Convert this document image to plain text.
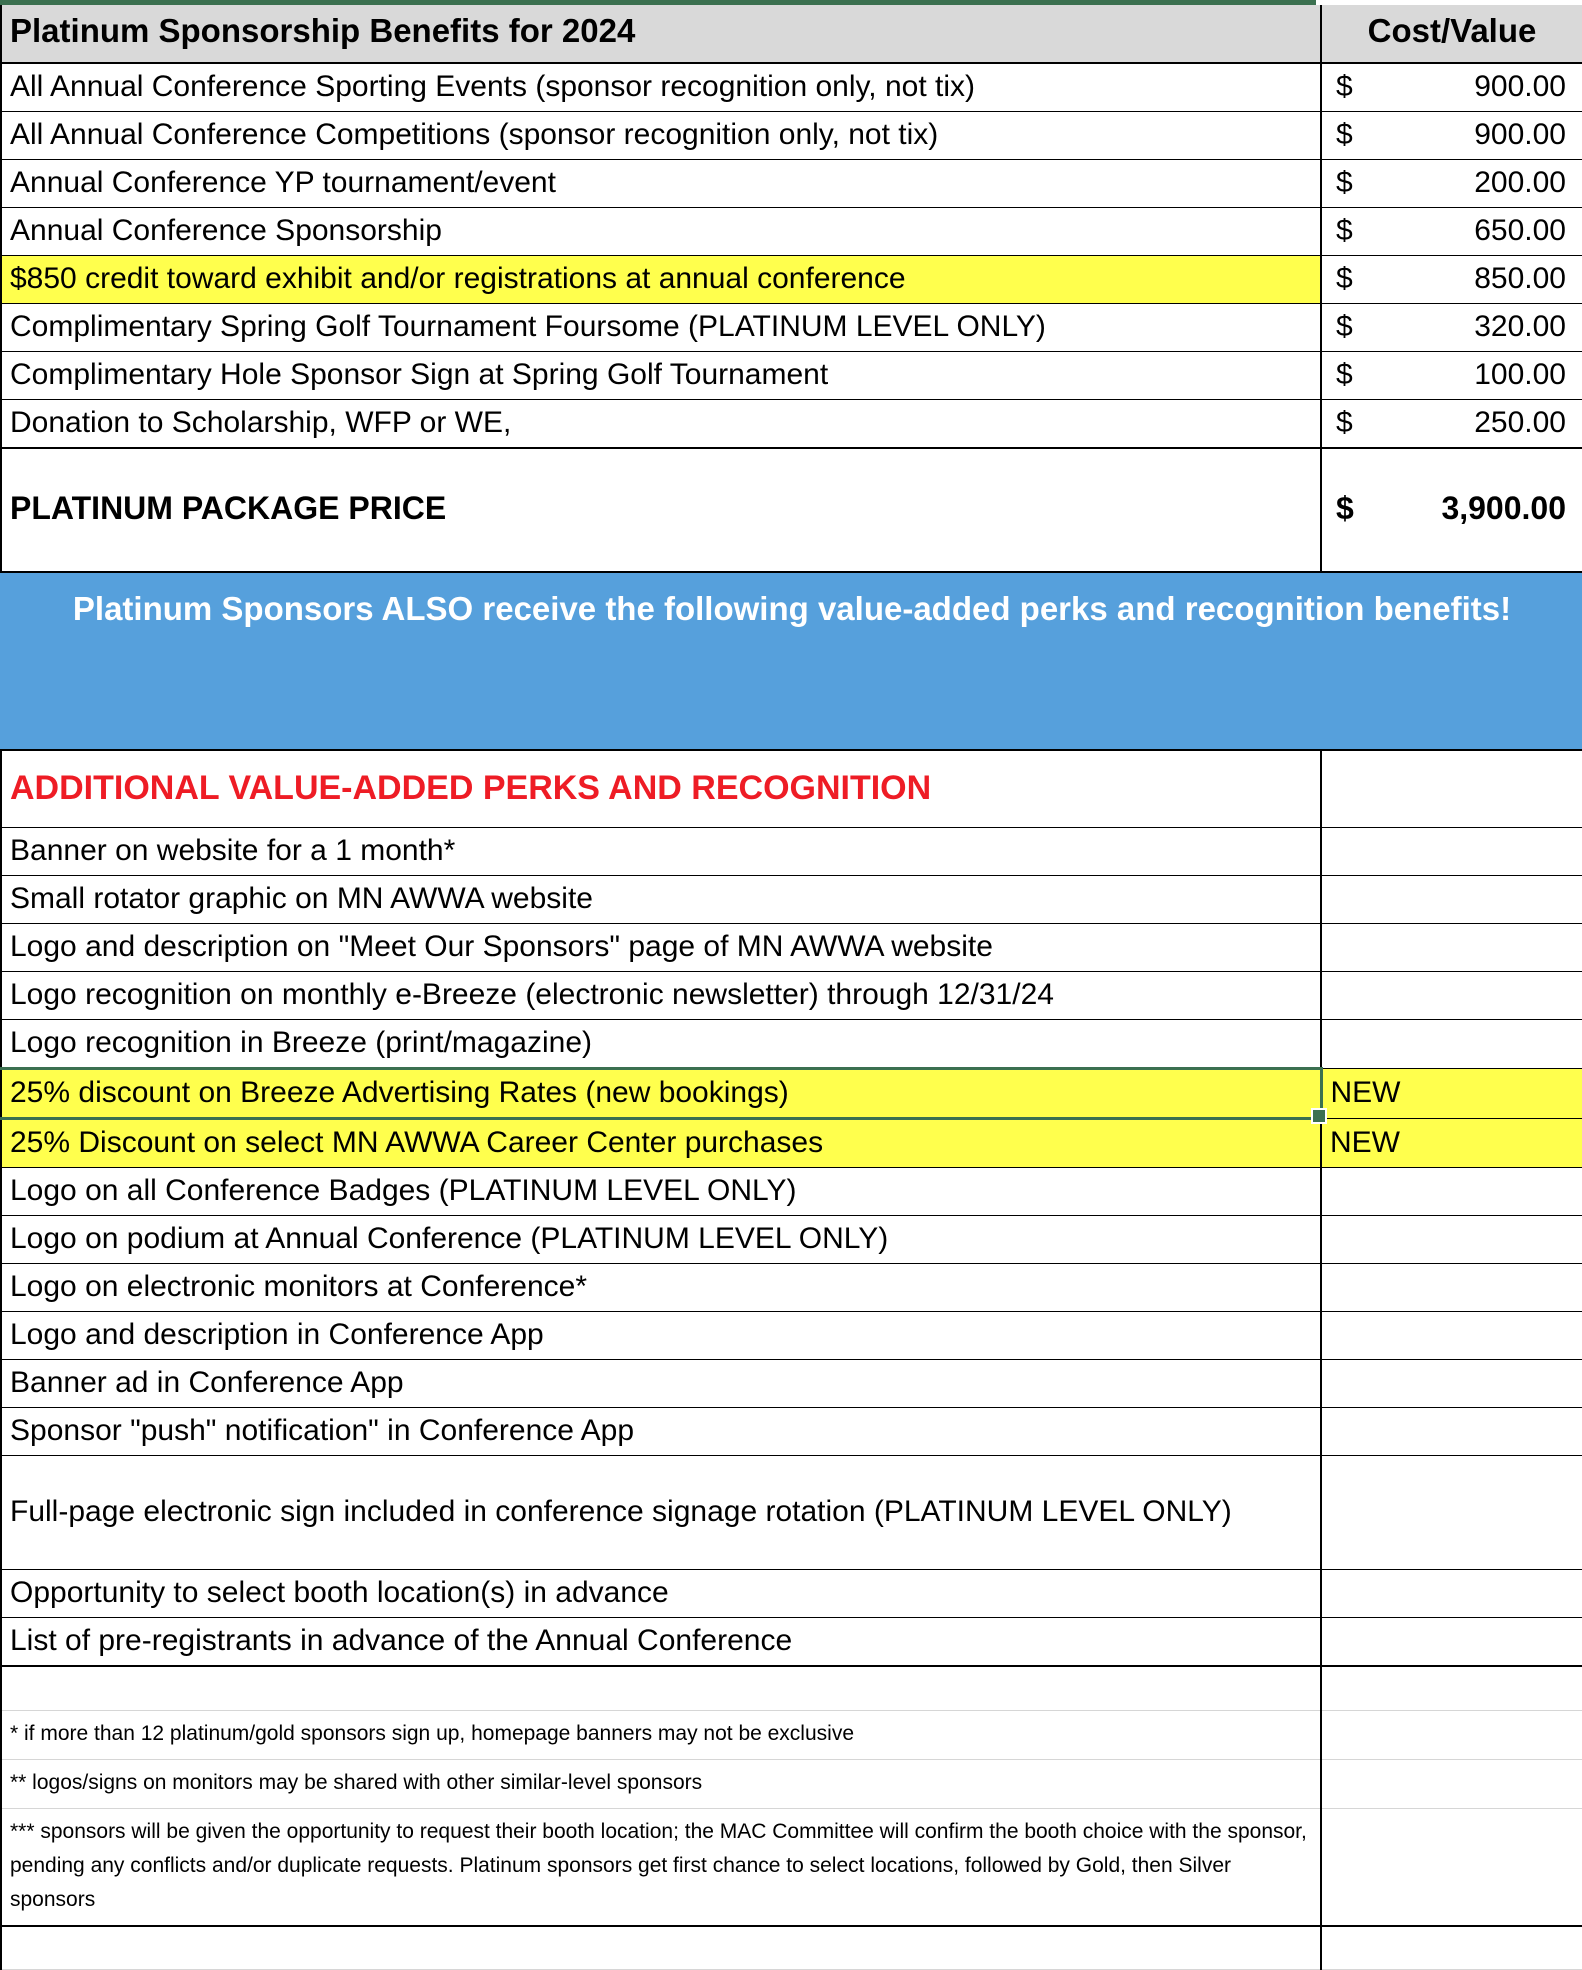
Platinum Sponsorship Benefits for 2024	Cost/Value
All Annual Conference Sporting Events (sponsor recognition only, not tix)	$ 900.00

All Annual Conference Competitions (sponsor recognition only, not tix)	$ 900.00

Annual Conference YP tournament/event	$ 200.00

Annual Conference Sponsorship	$ 650.00

$850 credit toward exhibit and/or registrations at annual conference	$ 850.00

Complimentary Spring Golf Tournament Foursome (PLATINUM LEVEL ONLY)	$ 320.00

Complimentary Hole Sponsor Sign at Spring Golf Tournament	$ 100.00

Donation to Scholarship, WFP or WE,	$ 250.00

PLATINUM PACKAGE PRICE	$ 3,900.00

Platinum Sponsors ALSO receive the following value-added perks and recognition benefits!	
ADDITIONAL VALUE-ADDED PERKS AND RECOGNITION	
Banner on website for a 1 month*	
Small rotator graphic on MN AWWA website	
Logo and description on "Meet Our Sponsors" page of MN AWWA website	
Logo recognition on monthly e-Breeze (electronic newsletter) through 12/31/24	
Logo recognition in Breeze (print/magazine)	
25% discount on Breeze Advertising Rates (new bookings)	NEW
25% Discount on select MN AWWA Career Center purchases	NEW
Logo on all Conference Badges (PLATINUM LEVEL ONLY)	
Logo on podium at Annual Conference (PLATINUM LEVEL ONLY)	
Logo on electronic monitors at Conference*	
Logo and description in Conference App	
Banner ad in Conference App	
Sponsor "push" notification" in Conference App	
Full-page electronic sign included in conference signage rotation (PLATINUM LEVEL ONLY)	
Opportunity to select booth location(s) in advance	
List of pre-registrants in advance of the Annual Conference	

* if more than 12 platinum/gold sponsors sign up, homepage banners may not be exclusive	
** logos/signs on monitors may be shared with other similar-level sponsors	
*** sponsors will be given the opportunity to request their booth location; the MAC Committee will confirm the booth choice with the sponsor, pending any conflicts and/or duplicate requests. Platinum sponsors get first chance to select locations, followed by Gold, then Silver sponsors	
